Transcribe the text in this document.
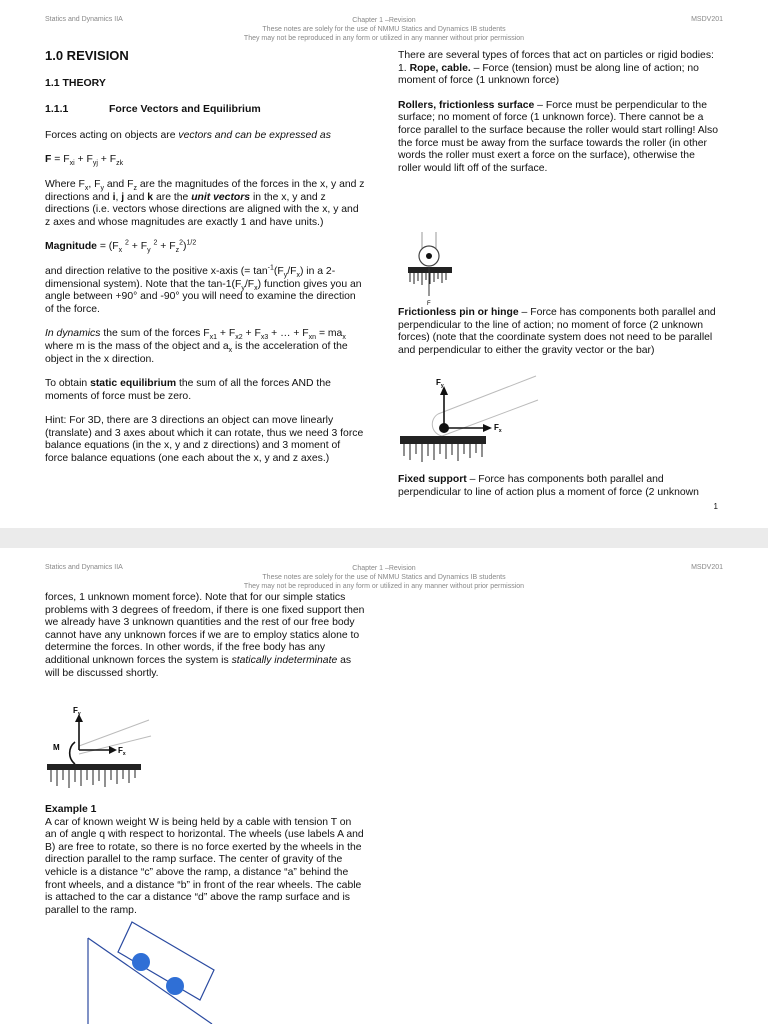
Statics and Dynamics IIA	Chapter 1 –Revision
These notes are solely for the use of NMMU Statics and Dynamics IB students
They may not be reproduced in any form or utilized in any manner without prior permission
MSDV201
1.0 REVISION
1.1 THEORY
1.1.1	Force Vectors and Equilibrium

Forces acting on objects are vectors and can be expressed as

$F = F_{xi} + F_{yj} + F_{zk}$

Where $F_x$, $F_y$ and $F_z$ are the magnitudes of the forces in the x, y and z directions and i, j and k are the unit vectors in the x, y and z directions (i.e. vectors whose directions are aligned with the x, y and z axes and whose magnitudes are exactly 1 and have units.)

Magnitude = ($F_x$ $^2 + F_y$ $^2 + F_z^2)^{1/2}$

and direction relative to the positive x-axis (= $\tan^{-1}(F_y/F_x)$ in a 2-dimensional system). Note that the $\tan-1(F_y/F_x)$ function gives you an angle between +90° and -90° you will need to examine the direction of the force.

In dynamics the sum of the forces $F_{x1} + F_{x2} + F_{x3}$ + … + $F_{xn} = ma_x$ where m is the mass of the object and $a_x$ is the acceleration of the object in the x direction.

To obtain static equilibrium the sum of all the forces AND the moments of force must be zero.

Hint: For 3D, there are 3 directions an object can move linearly (translate) and 3 axes about which it can rotate, thus we need 3 force balance equations (in the x, y and z directions) and 3 moment of force balance equations (one each about the x, y and z axes.)

There are several types of forces that act on particles or rigid bodies:

1. Rope, cable. – Force (tension) must be along line of action; no moment of force (1 unknown force)

Rollers, frictionless surface – Force must be perpendicular to the surface; no moment of force (1 unknown force). There cannot be a force parallel to the surface because the roller would start rolling! Also the force must be away from the surface towards the roller (in other words the roller must exert a force on the surface), otherwise the roller would lift off of the surface.

F

Frictionless pin or hinge – Force has components both parallel and perpendicular to the line of action; no moment of force (2 unknown forces) (note that the coordinate system does not need to be parallel and perpendicular to either the gravity vector or the bar)

$F_y$
$F_x$

Fixed support – Force has components both parallel and perpendicular to line of action plus a moment of force (2 unknown

1
Statics and Dynamics IIA	Chapter 1 –Revision
These notes are solely for the use of NMMU Statics and Dynamics IB students
They may not be reproduced in any form or utilized in any manner without prior permission
MSDV201

forces, 1 unknown moment force). Note that for our simple statics problems with 3 degrees of freedom, if there is one fixed support then we already have 3 unknown quantities and the rest of our free body cannot have any unknown forces if we are to employ statics alone to determine the forces. In other words, if the free body has any additional unknown forces the system is statically indeterminate as will be discussed shortly.

$F_y$
$F_x$
M
Example 1

A car of known weight W is being held by a cable with tension T on an of angle q with respect to horizontal. The wheels (use labels A and B) are free to rotate, so there is no force exerted by the wheels in the direction parallel to the ramp surface. The center of gravity of the vehicle is a distance “c” above the ramp, a distance “a” behind the front wheels, and a distance “b” in front of the rear wheels. The cable is attached to the car a distance “d” above the ramp surface and is parallel to the ramp.
